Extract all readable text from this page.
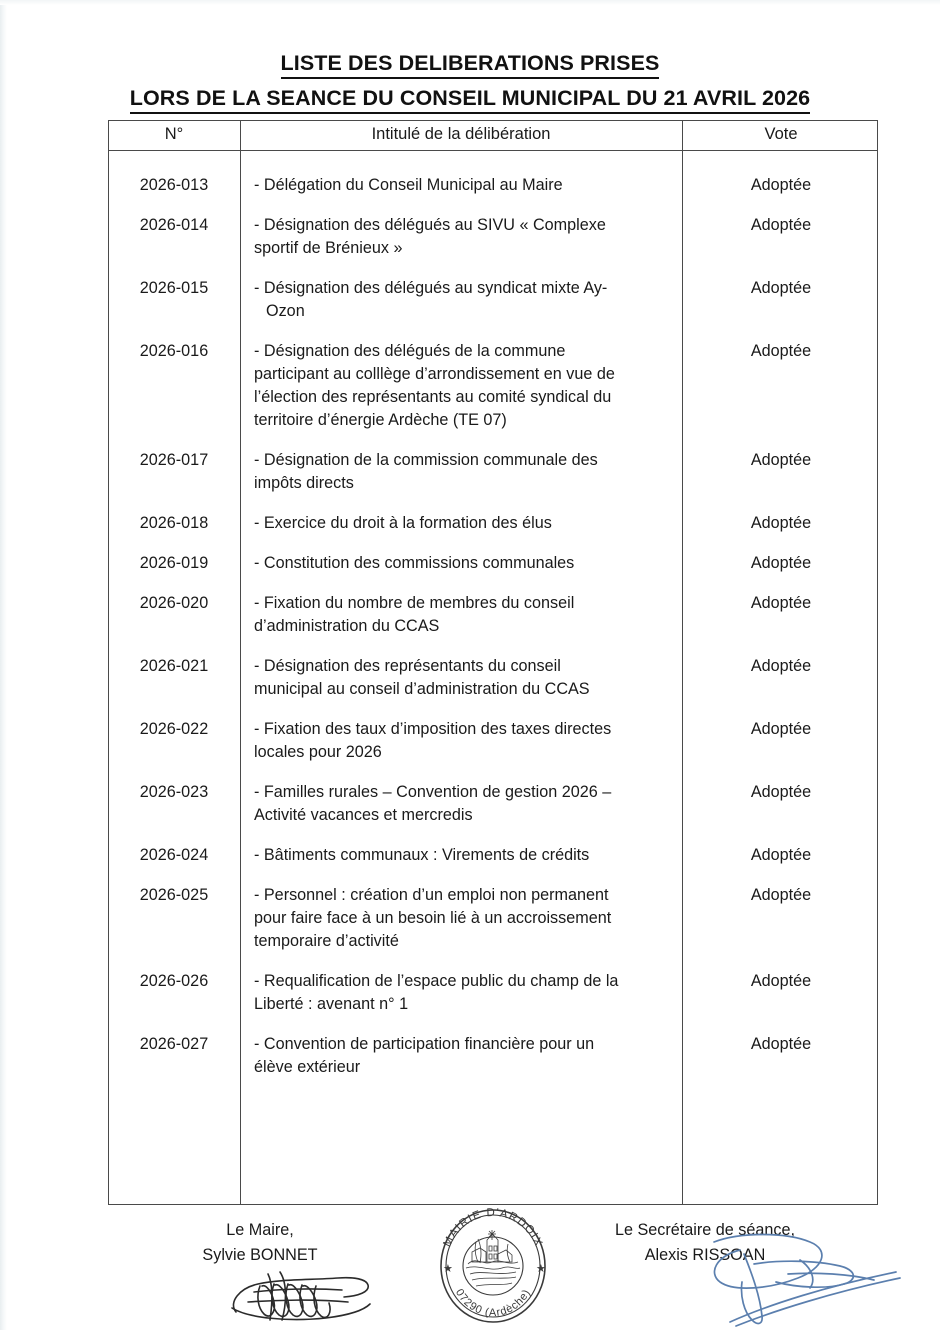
LISTE DES DELIBERATIONS PRISES
LORS DE LA SEANCE DU CONSEIL MUNICIPAL DU 21 AVRIL 2026
N°	Intitulé de la délibération	Vote
2026-013	- Délégation du Conseil Municipal au Maire	Adoptée
2026-014	- Désignation des délégués au SIVU « Complexe
sportif de Brénieux »	Adoptée
2026-015	- Désignation des délégués au syndicat mixte Ay-
Ozon	Adoptée
2026-016	- Désignation des délégués de la commune
participant au colllège d’arrondissement en vue de
l’élection des représentants au comité syndical du
territoire d’énergie Ardèche (TE 07)	Adoptée
2026-017	- Désignation de la commission communale des
impôts directs	Adoptée
2026-018	- Exercice du droit à la formation des élus	Adoptée
2026-019	- Constitution des commissions communales	Adoptée
2026-020	- Fixation du nombre de membres du conseil
d’administration du CCAS	Adoptée
2026-021	- Désignation des représentants du conseil
municipal au conseil d’administration du CCAS	Adoptée
2026-022	- Fixation des taux d’imposition des taxes directes
locales pour 2026	Adoptée
2026-023	- Familles rurales – Convention de gestion 2026 –
Activité vacances et mercredis	Adoptée
2026-024	- Bâtiments communaux : Virements de crédits	Adoptée
2026-025	- Personnel : création d’un emploi non permanent
pour faire face à un besoin lié à un accroissement
temporaire d’activité	Adoptée
2026-026	- Requalification de l’espace public du champ de la
Liberté : avenant n° 1	Adoptée
2026-027	- Convention de participation financière pour un
élève extérieur	Adoptée
Le Maire,
Sylvie BONNET
Le Secrétaire de séance,
Alexis RISSOAN
MAIRIE D'ARDOIX
07290 (Ardèche)
★	★
